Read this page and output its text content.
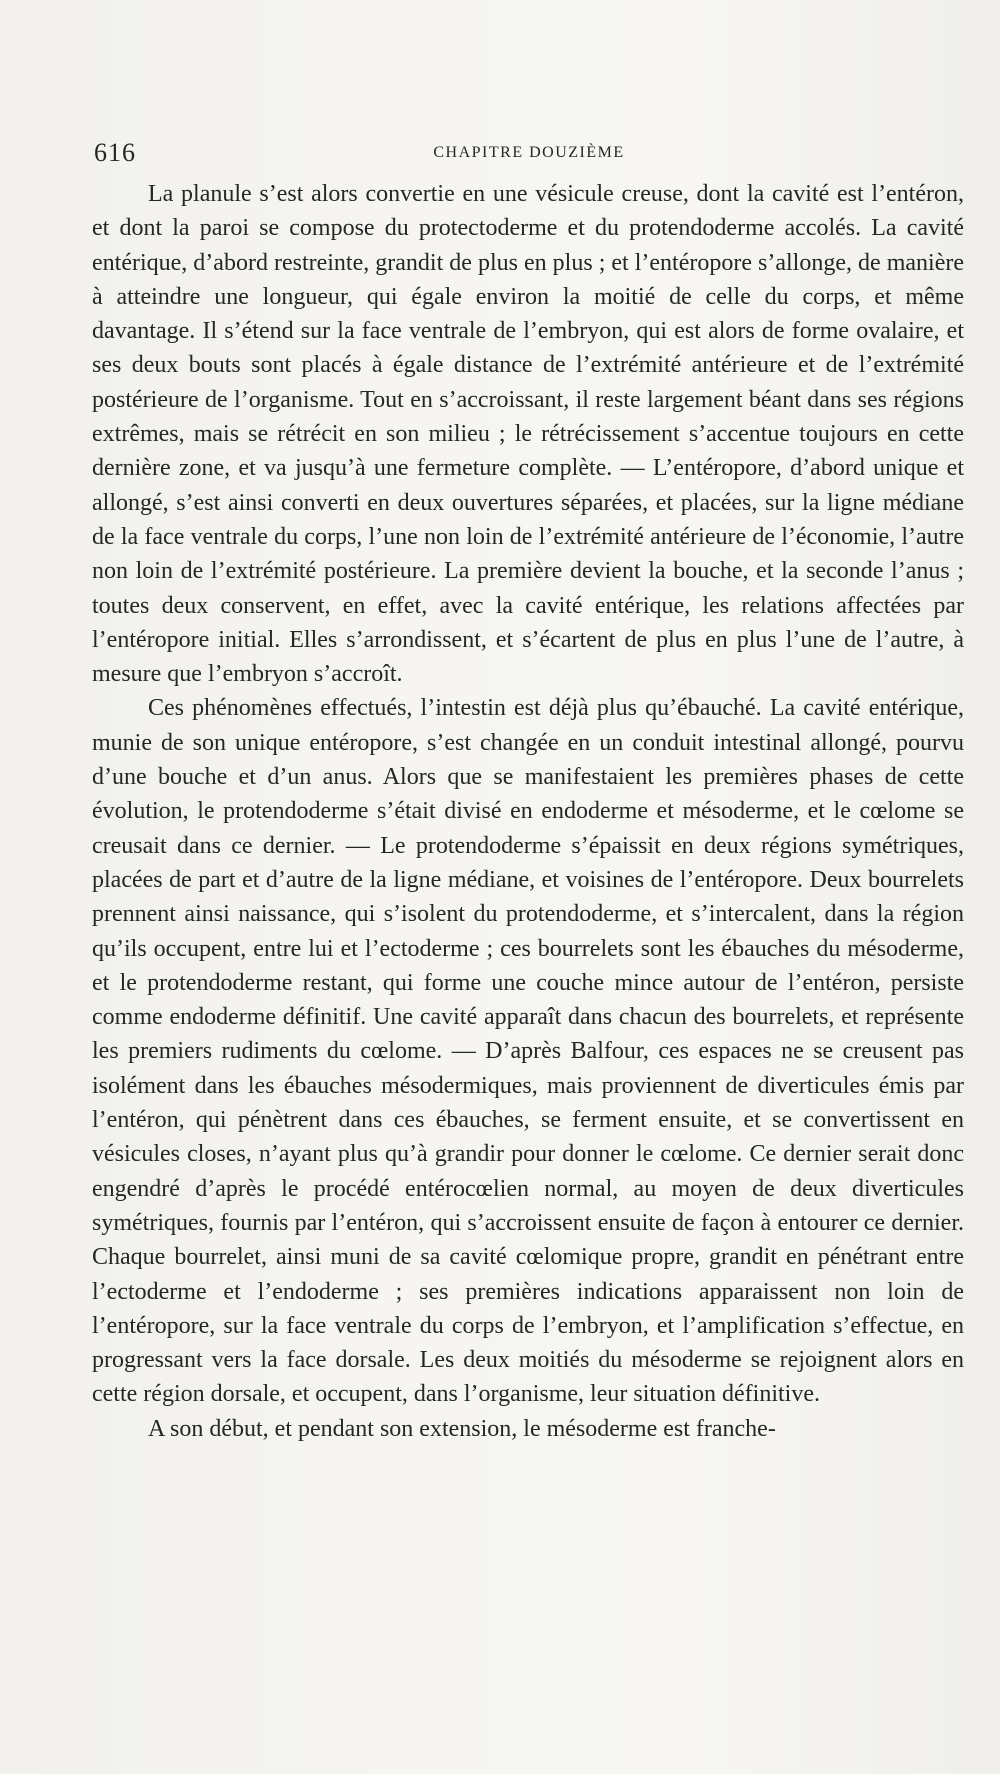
616	CHAPITRE DOUZIÈME

La planule s’est alors convertie en une vésicule creuse, dont la cavité est l’entéron, et dont la paroi se compose du protectoderme et du protendoderme accolés. La cavité entérique, d’abord restreinte, grandit de plus en plus ; et l’entéropore s’allonge, de manière à atteindre une longueur, qui égale environ la moitié de celle du corps, et même davantage. Il s’étend sur la face ventrale de l’embryon, qui est alors de forme ovalaire, et ses deux bouts sont placés à égale distance de l’extrémité antérieure et de l’extrémité postérieure de l’organisme. Tout en s’accroissant, il reste largement béant dans ses régions extrêmes, mais se rétrécit en son milieu ; le rétrécissement s’accentue toujours en cette dernière zone, et va jusqu’à une fermeture complète. — L’entéropore, d’abord unique et allongé, s’est ainsi converti en deux ouvertures séparées, et placées, sur la ligne médiane de la face ventrale du corps, l’une non loin de l’extrémité antérieure de l’économie, l’autre non loin de l’extrémité postérieure. La première devient la bouche, et la seconde l’anus ; toutes deux conservent, en effet, avec la cavité entérique, les relations affectées par l’entéropore initial. Elles s’arrondissent, et s’écartent de plus en plus l’une de l’autre, à mesure que l’embryon s’accroît.

Ces phénomènes effectués, l’intestin est déjà plus qu’ébauché. La cavité entérique, munie de son unique entéropore, s’est changée en un conduit intestinal allongé, pourvu d’une bouche et d’un anus. Alors que se manifestaient les premières phases de cette évolution, le protendoderme s’était divisé en endoderme et mésoderme, et le cœlome se creusait dans ce dernier. — Le protendoderme s’épaissit en deux régions symétriques, placées de part et d’autre de la ligne médiane, et voisines de l’entéropore. Deux bourrelets prennent ainsi naissance, qui s’isolent du protendoderme, et s’intercalent, dans la région qu’ils occupent, entre lui et l’ectoderme ; ces bourrelets sont les ébauches du mésoderme, et le protendoderme restant, qui forme une couche mince autour de l’entéron, persiste comme endoderme définitif. Une cavité apparaît dans chacun des bourrelets, et représente les premiers rudiments du cœlome. — D’après Balfour, ces espaces ne se creusent pas isolément dans les ébauches mésodermiques, mais proviennent de diverticules émis par l’entéron, qui pénètrent dans ces ébauches, se ferment ensuite, et se convertissent en vésicules closes, n’ayant plus qu’à grandir pour donner le cœlome. Ce dernier serait donc engendré d’après le procédé entérocœlien normal, au moyen de deux diverticules symétriques, fournis par l’entéron, qui s’accroissent ensuite de façon à entourer ce dernier. Chaque bourrelet, ainsi muni de sa cavité cœlomique propre, grandit en pénétrant entre l’ectoderme et l’endoderme ; ses premières indications apparaissent non loin de l’entéropore, sur la face ventrale du corps de l’embryon, et l’amplification s’effectue, en progressant vers la face dorsale. Les deux moitiés du mésoderme se rejoignent alors en cette région dorsale, et occupent, dans l’organisme, leur situation définitive.

A son début, et pendant son extension, le mésoderme est franche-
